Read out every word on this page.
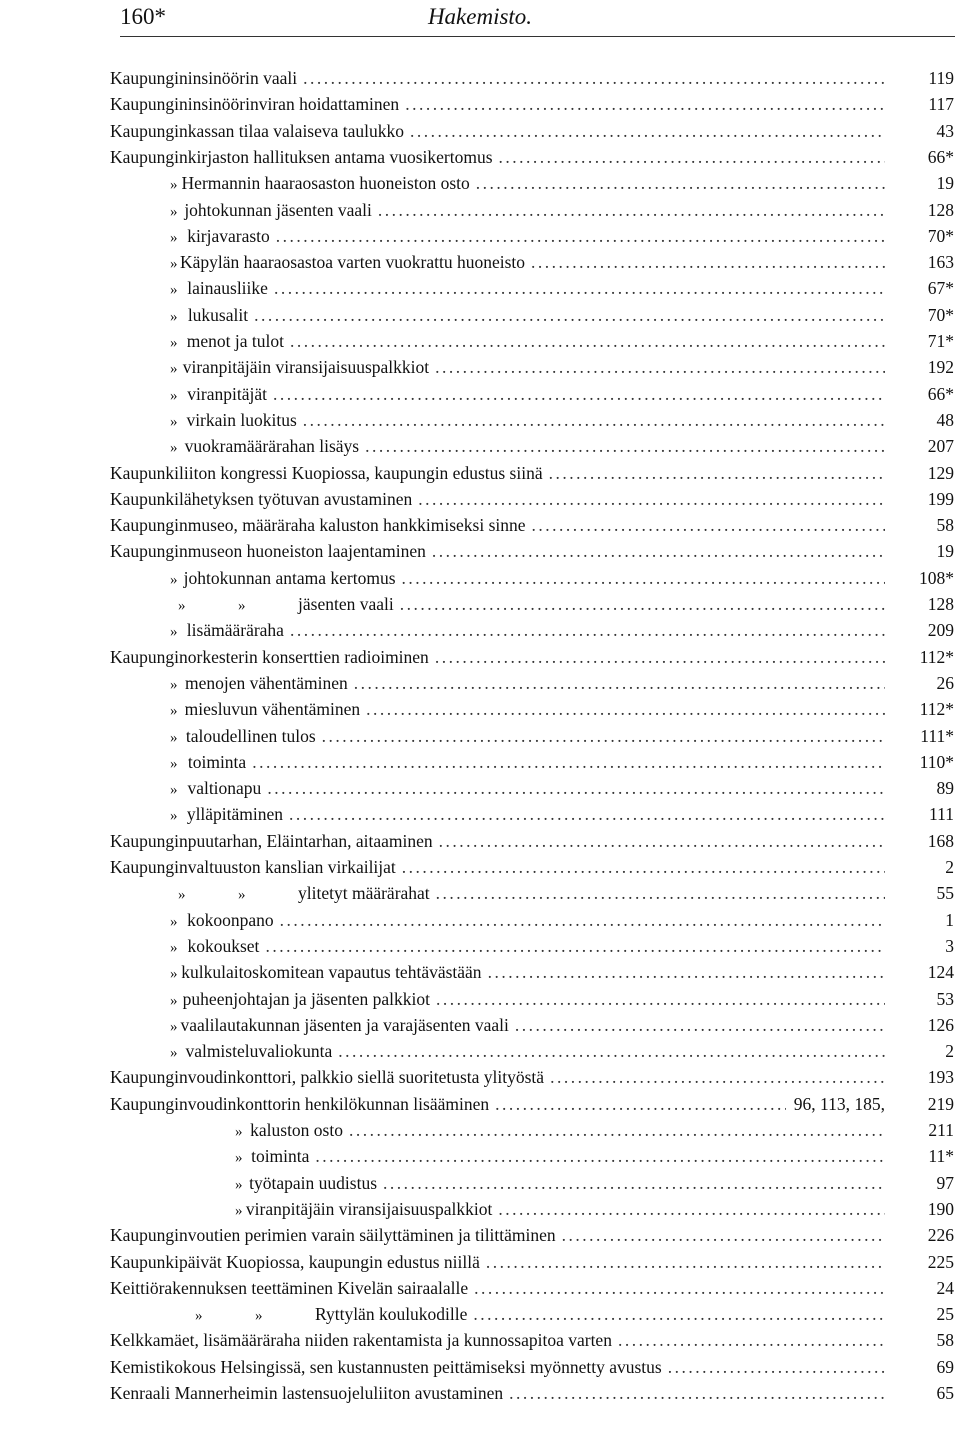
160*	Hakemisto.
Kaupungininsinöörin vaali .....	119
Kaupungininsinöörinviran hoidattaminen .....	117
Kaupunginkassan tilaa valaiseva taulukko .....	43
Kaupunginkirjaston hallituksen antama vuosikertomus .....	66*
» Hermannin haaraosaston huoneiston osto .....	19
» johtokunnan jäsenten vaali .....	128
» kirjavarasto .....	70*
» Käpylän haaraosastoa varten vuokrattu huoneisto .....	163
» lainausliike .....	67*
» lukusalit .....	70*
» menot ja tulot .....	71*
» viranpitäjäin viransijaisuuspalkkiot .....	192
» viranpitäjät .....	66*
» virkain luokitus .....	48
» vuokramäärärahan lisäys .....	207
Kaupunkiliiton kongressi Kuopiossa, kaupungin edustus siinä .....	129
Kaupunkilähetyksen työtuvan avustaminen .....	199
Kaupunginmuseo, määräraha kaluston hankkimiseksi sinne .....	58
Kaupunginmuseon huoneiston laajentaminen .....	19
» johtokunnan antama kertomus .....	108*
»	»	jäsenten vaali .....	128
» lisämääräraha .....	209
Kaupunginorkesterin konserttien radioiminen .....	112*
» menojen vähentäminen .....	26
» miesluvun vähentäminen .....	112*
» taloudellinen tulos .....	111*
» toiminta .....	110*
» valtionapu .....	89
» ylläpitäminen .....	111
Kaupunginpuutarhan, Eläintarhan, aitaaminen .....	168
Kaupunginvaltuuston kanslian virkailijat .....	2
»	»	ylitetyt määrärahat .....	55
» kokoonpano .....	1
» kokoukset .....	3
» kulkulaitoskomitean vapautus tehtävästään .....	124
» puheenjohtajan ja jäsenten palkkiot .....	53
» vaalilautakunnan jäsenten ja varajäsenten vaali .....	126
» valmisteluvaliokunta .....	2
Kaupunginvoudinkonttori, palkkio siellä suoritetusta ylityöstä .....	193
Kaupunginvoudinkonttorin henkilökunnan lisääminen .....	96, 113, 185, 219
» kaluston osto .....	211
» toiminta .....	11*
» työtapain uudistus .....	97
» viranpitäjäin viransijaisuuspalkkiot .....	190
Kaupunginvoutien perimien varain säilyttäminen ja tilittäminen .....	226
Kaupunkipäivät Kuopiossa, kaupungin edustus niillä .....	225
Keittiörakennuksen teettäminen Kivelän sairaalalle .....	24
»	»	Ryttylän koulukodille .....	25
Kelkkamäet, lisämääräraha niiden rakentamista ja kunnossapitoa varten .....	58
Kemistikokous Helsingissä, sen kustannusten peittämiseksi myönnetty avustus .....	69
Kenraali Mannerheimin lastensuojeluliiton avustaminen .....	65
